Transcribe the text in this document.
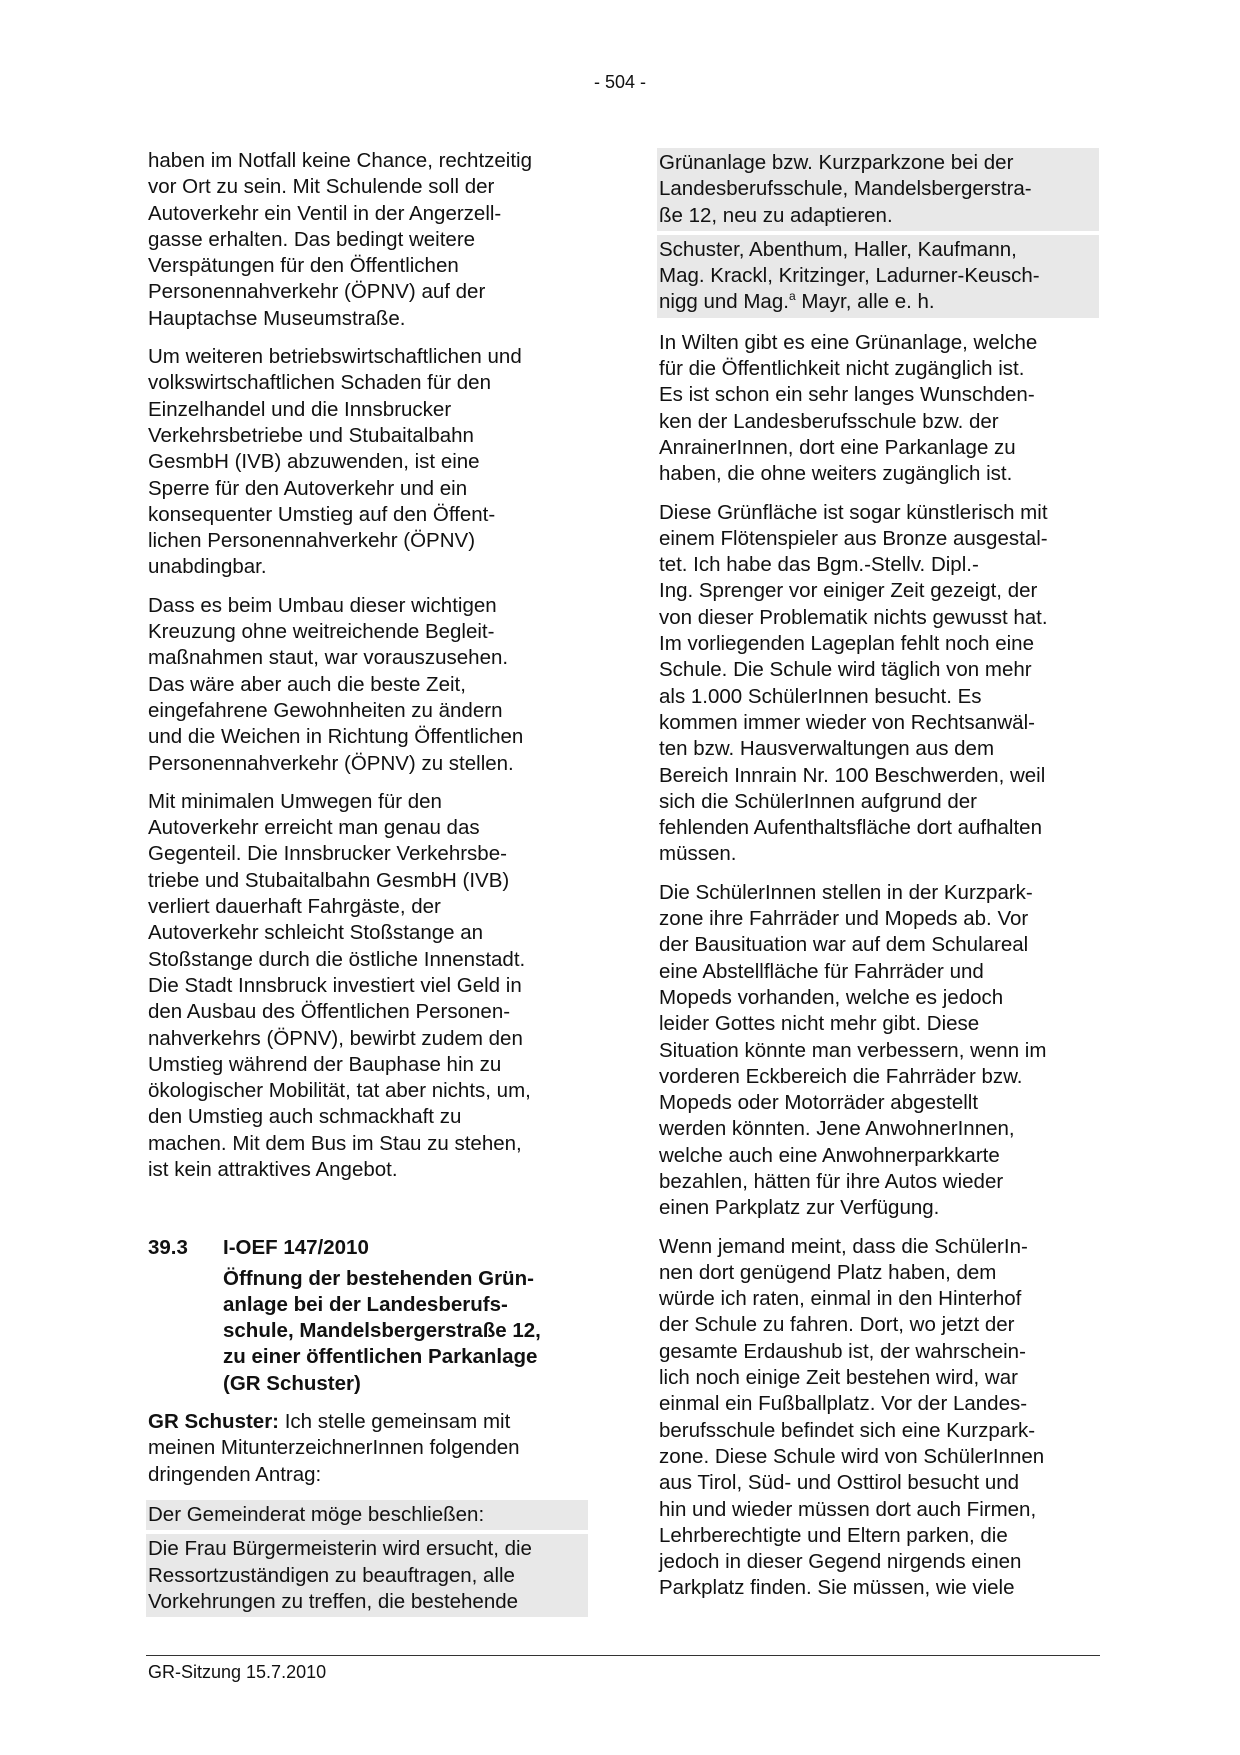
- 504 -

haben im Notfall keine Chance, rechtzeitig
vor Ort zu sein. Mit Schulende soll der
Autoverkehr ein Ventil in der Angerzell-
gasse erhalten. Das bedingt weitere
Verspätungen für den Öffentlichen
Personennahverkehr (ÖPNV) auf der
Hauptachse Museumstraße.

Um weiteren betriebswirtschaftlichen und
volkswirtschaftlichen Schaden für den
Einzelhandel und die Innsbrucker
Verkehrsbetriebe und Stubaitalbahn
GesmbH (IVB) abzuwenden, ist eine
Sperre für den Autoverkehr und ein
konsequenter Umstieg auf den Öffent-
lichen Personennahverkehr (ÖPNV)
unabdingbar.

Dass es beim Umbau dieser wichtigen
Kreuzung ohne weitreichende Begleit-
maßnahmen staut, war vorauszusehen.
Das wäre aber auch die beste Zeit,
eingefahrene Gewohnheiten zu ändern
und die Weichen in Richtung Öffentlichen
Personennahverkehr (ÖPNV) zu stellen.

Mit minimalen Umwegen für den
Autoverkehr erreicht man genau das
Gegenteil. Die Innsbrucker Verkehrsbe-
triebe und Stubaitalbahn GesmbH (IVB)
verliert dauerhaft Fahrgäste, der
Autoverkehr schleicht Stoßstange an
Stoßstange durch die östliche Innenstadt.
Die Stadt Innsbruck investiert viel Geld in
den Ausbau des Öffentlichen Personen-
nahverkehrs (ÖPNV), bewirbt zudem den
Umstieg während der Bauphase hin zu
ökologischer Mobilität, tat aber nichts, um,
den Umstieg auch schmackhaft zu
machen. Mit dem Bus im Stau zu stehen,
ist kein attraktives Angebot.

39.3	I-OEF 147/2010
Öffnung der bestehenden Grün-
anlage bei der Landesberufs-
schule, Mandelsbergerstraße 12,
zu einer öffentlichen Parkanlage
(GR Schuster)

GR Schuster: Ich stelle gemeinsam mit
meinen MitunterzeichnerInnen folgenden
dringenden Antrag:

Der Gemeinderat möge beschließen:
Die Frau Bürgermeisterin wird ersucht, die
Ressortzuständigen zu beauftragen, alle
Vorkehrungen zu treffen, die bestehende
Grünanlage bzw. Kurzparkzone bei der
Landesberufsschule, Mandelsbergerstra-
ße 12, neu zu adaptieren.
Schuster, Abenthum, Haller, Kaufmann,
Mag. Krackl, Kritzinger, Ladurner-Keusch-
nigg und Mag.$^a$ Mayr, alle e. h.

In Wilten gibt es eine Grünanlage, welche
für die Öffentlichkeit nicht zugänglich ist.
Es ist schon ein sehr langes Wunschden-
ken der Landesberufsschule bzw. der
AnrainerInnen, dort eine Parkanlage zu
haben, die ohne weiters zugänglich ist.

Diese Grünfläche ist sogar künstlerisch mit
einem Flötenspieler aus Bronze ausgestal-
tet. Ich habe das Bgm.-Stellv. Dipl.-
Ing. Sprenger vor einiger Zeit gezeigt, der
von dieser Problematik nichts gewusst hat.
Im vorliegenden Lageplan fehlt noch eine
Schule. Die Schule wird täglich von mehr
als 1.000 SchülerInnen besucht. Es
kommen immer wieder von Rechtsanwäl-
ten bzw. Hausverwaltungen aus dem
Bereich Innrain Nr. 100 Beschwerden, weil
sich die SchülerInnen aufgrund der
fehlenden Aufenthaltsfläche dort aufhalten
müssen.

Die SchülerInnen stellen in der Kurzpark-
zone ihre Fahrräder und Mopeds ab. Vor
der Bausituation war auf dem Schulareal
eine Abstellfläche für Fahrräder und
Mopeds vorhanden, welche es jedoch
leider Gottes nicht mehr gibt. Diese
Situation könnte man verbessern, wenn im
vorderen Eckbereich die Fahrräder bzw.
Mopeds oder Motorräder abgestellt
werden könnten. Jene AnwohnerInnen,
welche auch eine Anwohnerparkkarte
bezahlen, hätten für ihre Autos wieder
einen Parkplatz zur Verfügung.

Wenn jemand meint, dass die SchülerIn-
nen dort genügend Platz haben, dem
würde ich raten, einmal in den Hinterhof
der Schule zu fahren. Dort, wo jetzt der
gesamte Erdaushub ist, der wahrschein-
lich noch einige Zeit bestehen wird, war
einmal ein Fußballplatz. Vor der Landes-
berufsschule befindet sich eine Kurzpark-
zone. Diese Schule wird von SchülerInnen
aus Tirol, Süd- und Osttirol besucht und
hin und wieder müssen dort auch Firmen,
Lehrberechtigte und Eltern parken, die
jedoch in dieser Gegend nirgends einen
Parkplatz finden. Sie müssen, wie viele

GR-Sitzung 15.7.2010
